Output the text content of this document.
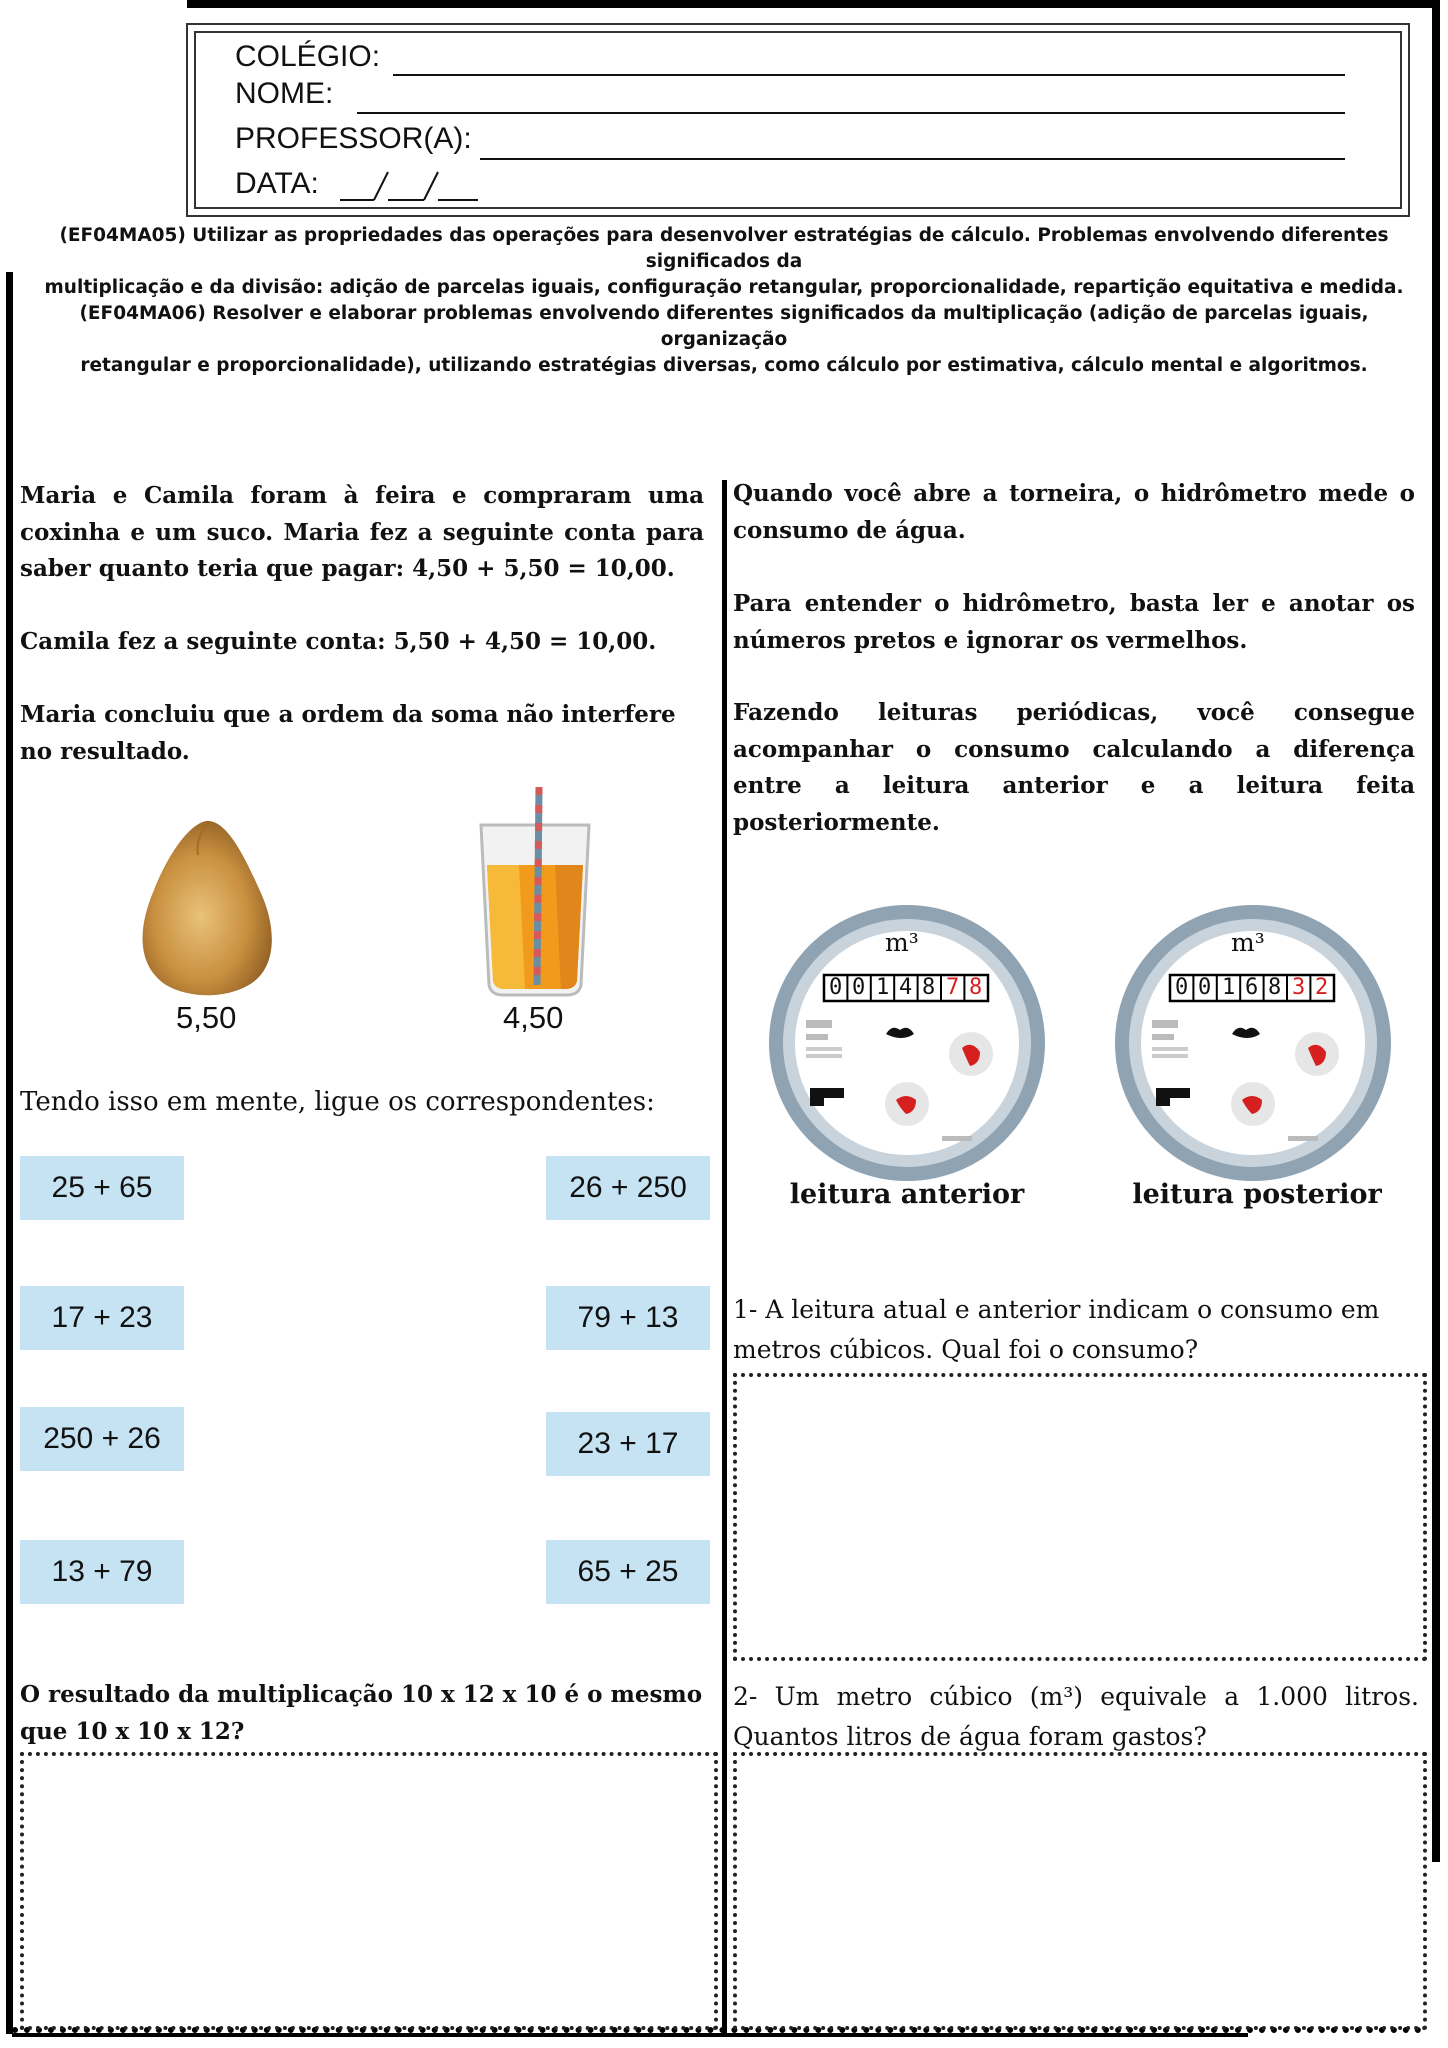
COLÉGIO:
NOME:
PROFESSOR(A):
DATA:
(EF04MA05) Utilizar as propriedades das operações para desenvolver estratégias de cálculo. Problemas envolvendo diferentes significados da
multiplicação e da divisão: adição de parcelas iguais, configuração retangular, proporcionalidade, repartição equitativa e medida.
(EF04MA06) Resolver e elaborar problemas envolvendo diferentes significados da multiplicação (adição de parcelas iguais, organização
retangular e proporcionalidade), utilizando estratégias diversas, como cálculo por estimativa, cálculo mental e algoritmos.
Maria e Camila foram à feira e compraram uma coxinha e um suco. Maria fez a seguinte conta para saber quanto teria que pagar: 4,50 + 5,50 = 10,00.
Camila fez a seguinte conta: 5,50 + 4,50 = 10,00.
Maria concluiu que a ordem da soma não interfere no resultado.
5,50	4,50
Tendo isso em mente, ligue os correspondentes:
25 + 65	26 + 250
17 + 23	79 + 13
250 + 26	23 + 17
13 + 79	65 + 25
O resultado da multiplicação 10 x 12 x 10 é o mesmo que 10 x 10 x 12?
Quando você abre a torneira, o hidrômetro mede o consumo de água.
Para entender o hidrômetro, basta ler e anotar os números pretos e ignorar os vermelhos.
Fazendo leituras periódicas, você consegue acompanhar o consumo calculando a diferença entre a leitura anterior e a leitura feita posteriormente.
m³
0 0 1 4 8 7 8
leitura anterior
m³
0 0 1 6 8 3 2
leitura posterior
1- A leitura atual e anterior indicam o consumo em metros cúbicos. Qual foi o consumo?
2- Um metro cúbico (m³) equivale a 1.000 litros. Quantos litros de água foram gastos?
